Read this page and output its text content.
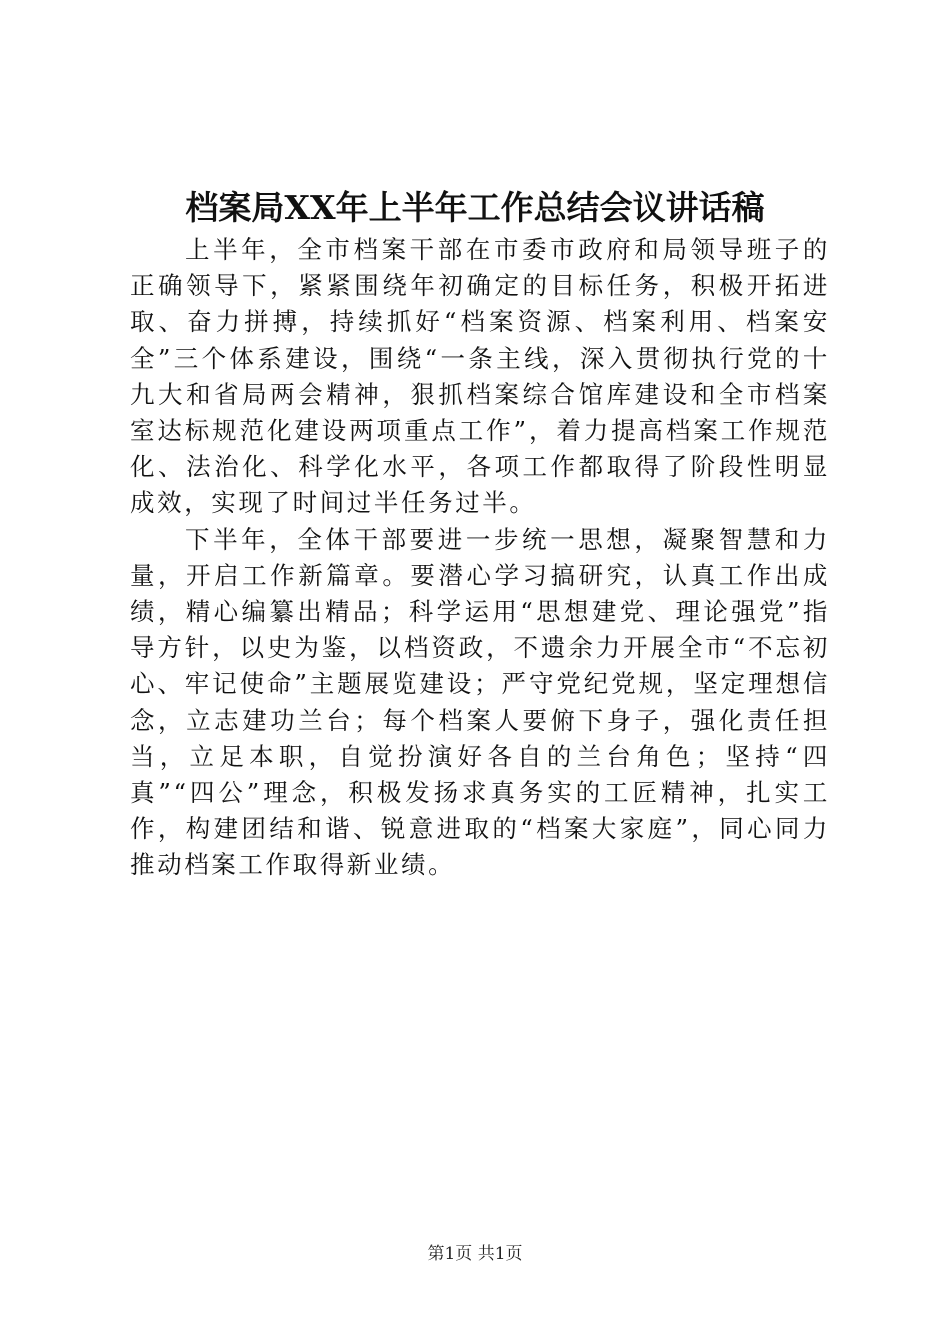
档案局XX年上半年工作总结会议讲话稿

上半年，全市档案干部在市委市政府和局领导班子的正确领导下，紧紧围绕年初确定的目标任务，积极开拓进取、奋力拼搏，持续抓好“档案资源、档案利用、档案安全”三个体系建设，围绕“一条主线，深入贯彻执行党的十九大和省局两会精神，狠抓档案综合馆库建设和全市档案室达标规范化建设两项重点工作”，着力提高档案工作规范化、法治化、科学化水平，各项工作都取得了阶段性明显成效，实现了时间过半任务过半。

下半年，全体干部要进一步统一思想，凝聚智慧和力量，开启工作新篇章。要潜心学习搞研究，认真工作出成绩，精心编纂出精品；科学运用“思想建党、理论强党”指导方针，以史为鉴，以档资政，不遗余力开展全市“不忘初心、牢记使命”主题展览建设；严守党纪党规，坚定理想信念，立志建功兰台；每个档案人要俯下身子，强化责任担当，立足本职，自觉扮演好各自的兰台角色；坚持“四真”“四公”理念，积极发扬求真务实的工匠精神，扎实工作，构建团结和谐、锐意进取的“档案大家庭”，同心同力推动档案工作取得新业绩。

第1页 共1页
